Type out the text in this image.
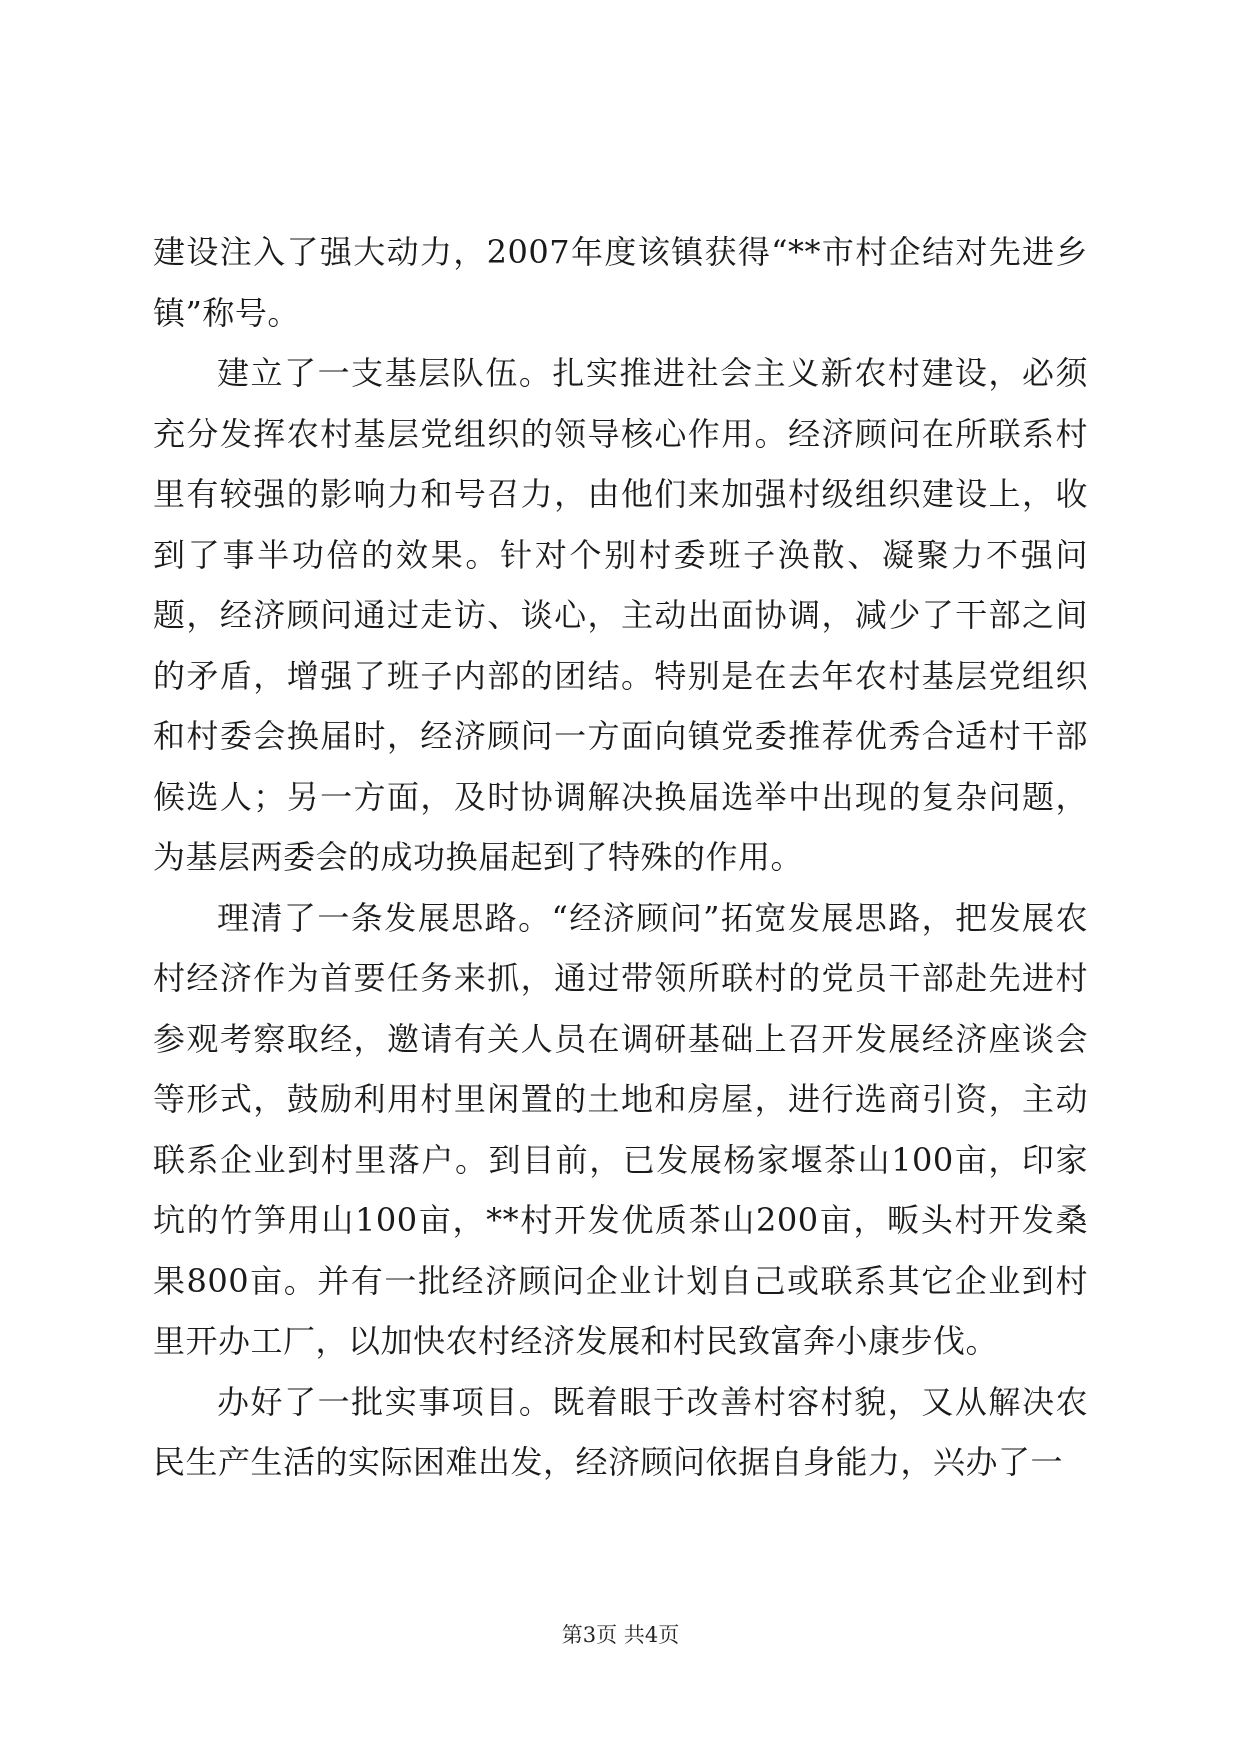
建设注入了强大动力，2007年度该镇获得“**市村企结对先进乡镇”称号。

建立了一支基层队伍。扎实推进社会主义新农村建设，必须充分发挥农村基层党组织的领导核心作用。经济顾问在所联系村里有较强的影响力和号召力，由他们来加强村级组织建设上，收到了事半功倍的效果。针对个别村委班子涣散、凝聚力不强问题，经济顾问通过走访、谈心，主动出面协调，减少了干部之间的矛盾，增强了班子内部的团结。特别是在去年农村基层党组织和村委会换届时，经济顾问一方面向镇党委推荐优秀合适村干部候选人；另一方面，及时协调解决换届选举中出现的复杂问题，为基层两委会的成功换届起到了特殊的作用。

理清了一条发展思路。“经济顾问”拓宽发展思路，把发展农村经济作为首要任务来抓，通过带领所联村的党员干部赴先进村参观考察取经，邀请有关人员在调研基础上召开发展经济座谈会等形式，鼓励利用村里闲置的土地和房屋，进行选商引资，主动联系企业到村里落户。到目前，已发展杨家堰茶山100亩，印家坑的竹笋用山100亩，**村开发优质茶山200亩，畈头村开发桑果800亩。并有一批经济顾问企业计划自己或联系其它企业到村里开办工厂，以加快农村经济发展和村民致富奔小康步伐。

办好了一批实事项目。既着眼于改善村容村貌，又从解决农民生产生活的实际困难出发，经济顾问依据自身能力，兴办了一

第3页 共4页
